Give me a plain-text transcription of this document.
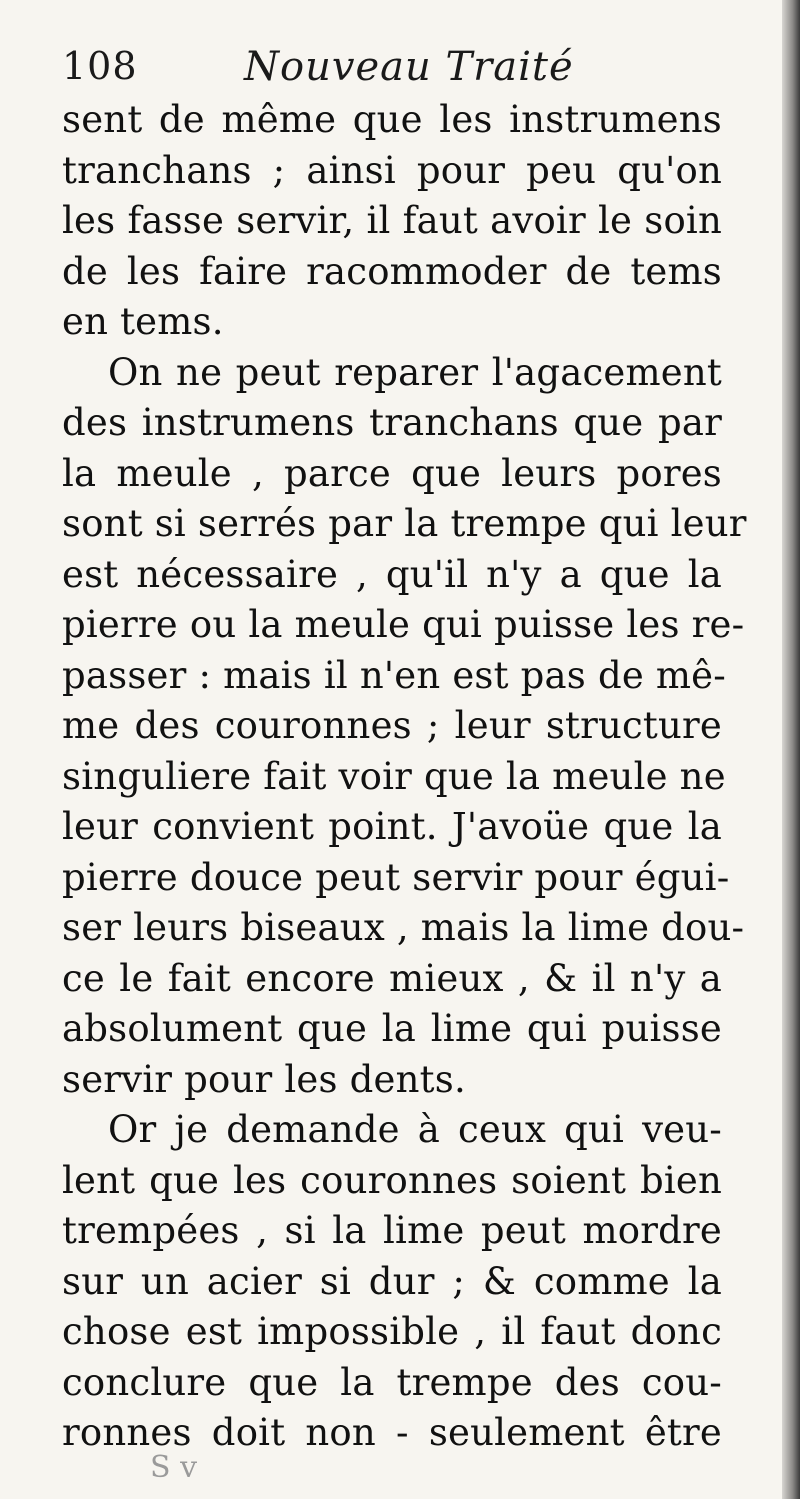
108	Nouveau Traité
sent de même que les instrumens
tranchans ; ainsi pour peu qu'on
les fasse servir, il faut avoir le soin
de les faire racommoder de tems
en tems.
On ne peut reparer l'agacement
des instrumens tranchans que par
la meule , parce que leurs pores
sont si serrés par la trempe qui leur
est nécessaire , qu'il n'y a que la
pierre ou la meule qui puisse les re-
passer : mais il n'en est pas de mê-
me des couronnes ; leur structure
singuliere fait voir que la meule ne
leur convient point. J'avoüe que la
pierre douce peut servir pour égui-
ser leurs biseaux , mais la lime dou-
ce le fait encore mieux , & il n'y a
absolument que la lime qui puisse
servir pour les dents.
Or je demande à ceux qui veu-
lent que les couronnes soient bien
trempées , si la lime peut mordre
sur un acier si dur ; & comme la
chose est impossible , il faut donc
conclure que la trempe des cou-
ronnes doit non - seulement être
S v
